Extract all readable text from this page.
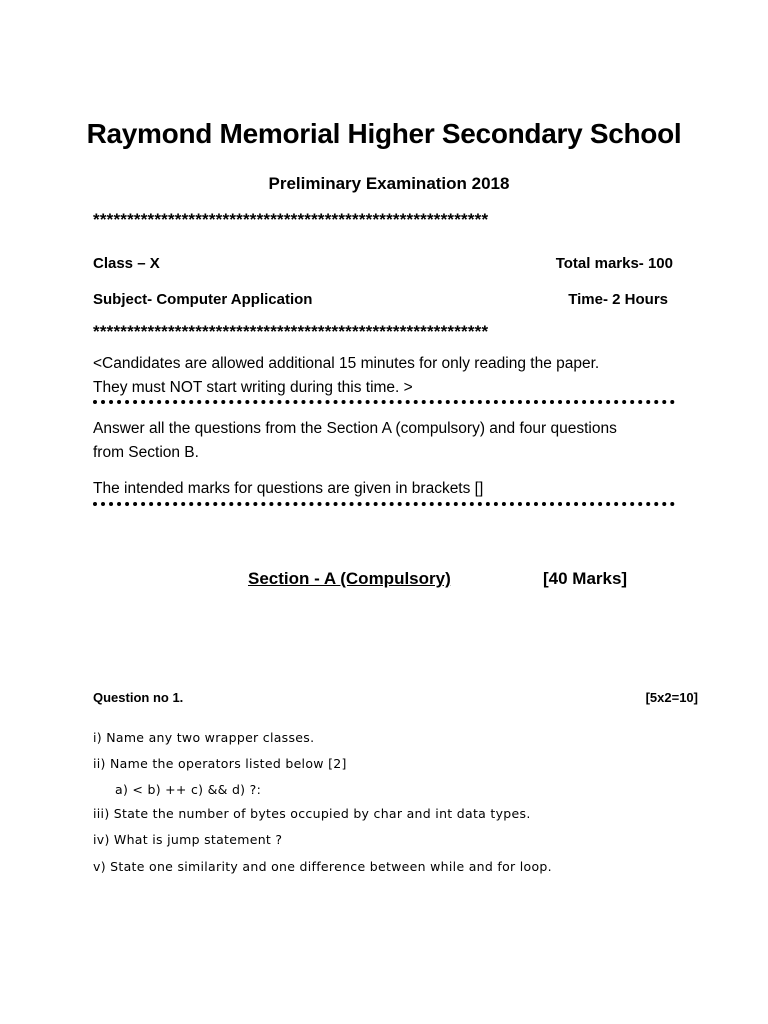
Raymond Memorial Higher Secondary School
Preliminary Examination 2018
**********************************************************
Class – X	Total marks- 100
Subject- Computer Application	Time- 2 Hours
**********************************************************
<Candidates are allowed additional 15 minutes for only reading the paper.
They must NOT start writing during this time. >
Answer all the questions from the Section A (compulsory) and four questions
from Section B.
The intended marks for questions are given in brackets []
Section - A (Compulsory)	[40 Marks]
Question no 1.	[5x2=10]
i) Name any two wrapper classes.
ii) Name the operators listed below [2]
a) < b) ++ c) && d) ?:
iii) State the number of bytes occupied by char and int data types.
iv) What is jump statement ?
v) State one similarity and one difference between while and for loop.
